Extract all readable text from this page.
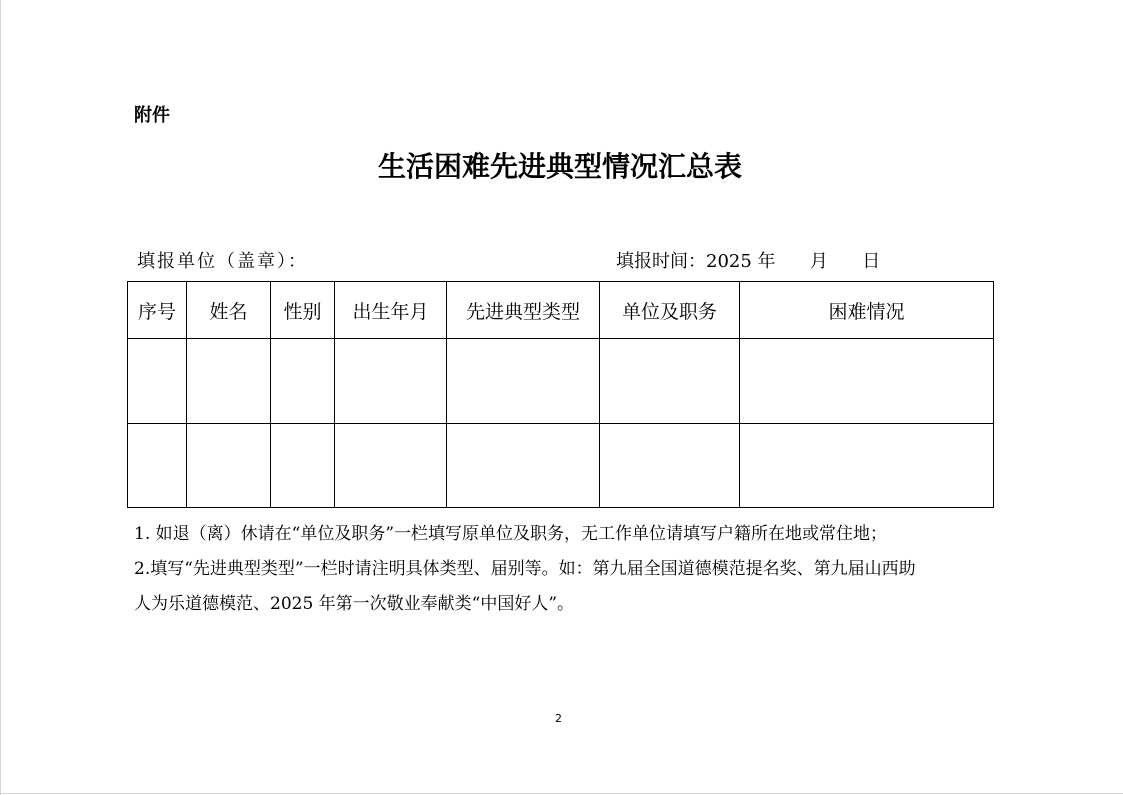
附件
生活困难先进典型情况汇总表
填报单位（盖章）：	填报时间：2025 年 月 日
序号	姓名	性别	出生年月	先进典型类型	单位及职务	困难情况

1. 如退（离）休请在“单位及职务”一栏填写原单位及职务，无工作单位请填写户籍所在地或常住地；

2.填写“先进典型类型”一栏时请注明具体类型、届别等。如：第九届全国道德模范提名奖、第九届山西助

人为乐道德模范、2025 年第一次敬业奉献类“中国好人”。

2
